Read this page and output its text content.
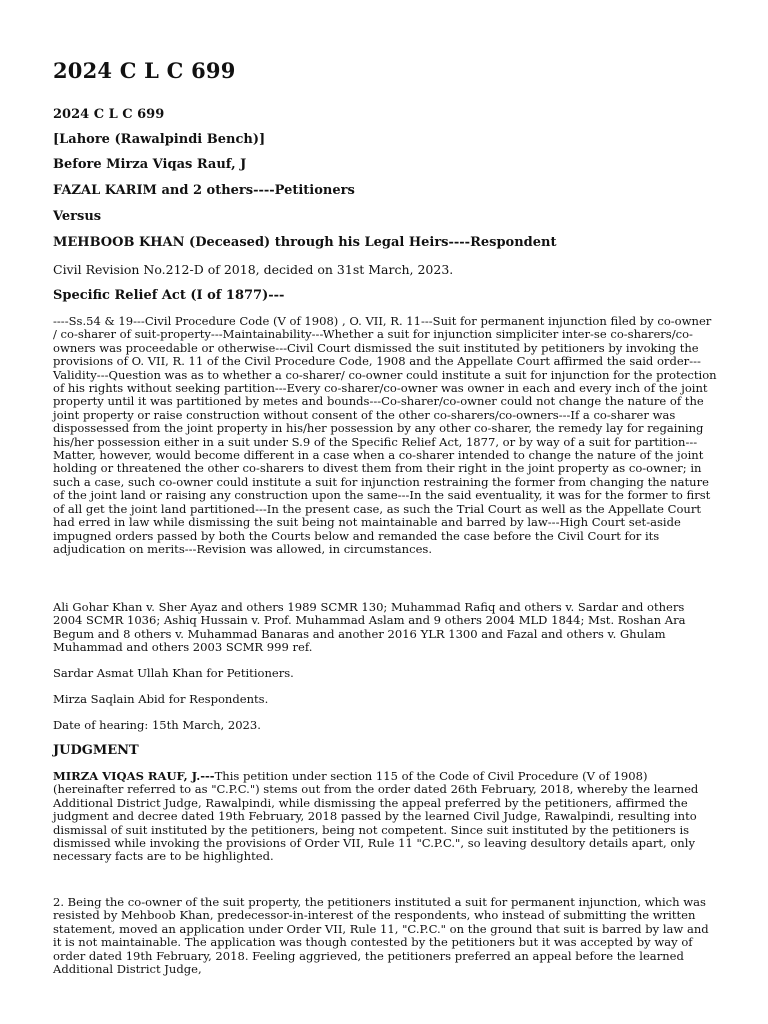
2024 C L C 699
2024 C L C 699
[Lahore (Rawalpindi Bench)]
Before Mirza Viqas Rauf, J
FAZAL KARIM and 2 others----Petitioners
Versus
MEHBOOB KHAN (Deceased) through his Legal Heirs----Respondent
Civil Revision No.212-D of 2018, decided on 31st March, 2023.
Specific Relief Act (I of 1877)---

----Ss.54 & 19---Civil Procedure Code (V of 1908) , O. VII, R. 11---Suit for permanent injunction filed by co-owner / co-sharer of suit-property---Maintainability---Whether a suit for injunction simpliciter inter-se co-sharers/co-owners was proceedable or otherwise---Civil Court dismissed the suit instituted by petitioners by invoking the provisions of O. VII, R. 11 of the Civil Procedure Code, 1908 and the Appellate Court affirmed the said order---Validity---Question was as to whether a co-sharer/ co-owner could institute a suit for injunction for the protection of his rights without seeking partition---Every co-sharer/co-owner was owner in each and every inch of the joint property until it was partitioned by metes and bounds---Co-sharer/co-owner could not change the nature of the joint property or raise construction without consent of the other co-sharers/co-owners---If a co-sharer was dispossessed from the joint property in his/her possession by any other co-sharer, the remedy lay for regaining his/her possession either in a suit under S.9 of the Specific Relief Act, 1877, or by way of a suit for partition---Matter, however, would become different in a case when a co-sharer intended to change the nature of the joint holding or threatened the other co-sharers to divest them from their right in the joint property as co-owner; in such a case, such co-owner could institute a suit for injunction restraining the former from changing the nature of the joint land or raising any construction upon the same---In the said eventuality, it was for the former to first of all get the joint land partitioned---In the present case, as such the Trial Court as well as the Appellate Court had erred in law while dismissing the suit being not maintainable and barred by law---High Court set-aside impugned orders passed by both the Courts below and remanded the case before the Civil Court for its adjudication on merits---Revision was allowed, in circumstances.

Ali Gohar Khan v. Sher Ayaz and others 1989 SCMR 130; Muhammad Rafiq and others v. Sardar and others 2004 SCMR 1036; Ashiq Hussain v. Prof. Muhammad Aslam and 9 others 2004 MLD 1844; Mst. Roshan Ara Begum and 8 others v. Muhammad Banaras and another 2016 YLR 1300 and Fazal and others v. Ghulam Muhammad and others 2003 SCMR 999 ref.

Sardar Asmat Ullah Khan for Petitioners.

Mirza Saqlain Abid for Respondents.

Date of hearing: 15th March, 2023.

JUDGMENT

MIRZA VIQAS RAUF, J.---This petition under section 115 of the Code of Civil Procedure (V of 1908) (hereinafter referred to as "C.P.C.") stems out from the order dated 26th February, 2018, whereby the learned Additional District Judge, Rawalpindi, while dismissing the appeal preferred by the petitioners, affirmed the judgment and decree dated 19th February, 2018 passed by the learned Civil Judge, Rawalpindi, resulting into dismissal of suit instituted by the petitioners, being not competent. Since suit instituted by the petitioners is dismissed while invoking the provisions of Order VII, Rule 11 "C.P.C.", so leaving desultory details apart, only necessary facts are to be highlighted.

2. Being the co-owner of the suit property, the petitioners instituted a suit for permanent injunction, which was resisted by Mehboob Khan, predecessor-in-interest of the respondents, who instead of submitting the written statement, moved an application under Order VII, Rule 11, "C.P.C." on the ground that suit is barred by law and it is not maintainable. The application was though contested by the petitioners but it was accepted by way of order dated 19th February, 2018. Feeling aggrieved, the petitioners preferred an appeal before the learned Additional District Judge,
